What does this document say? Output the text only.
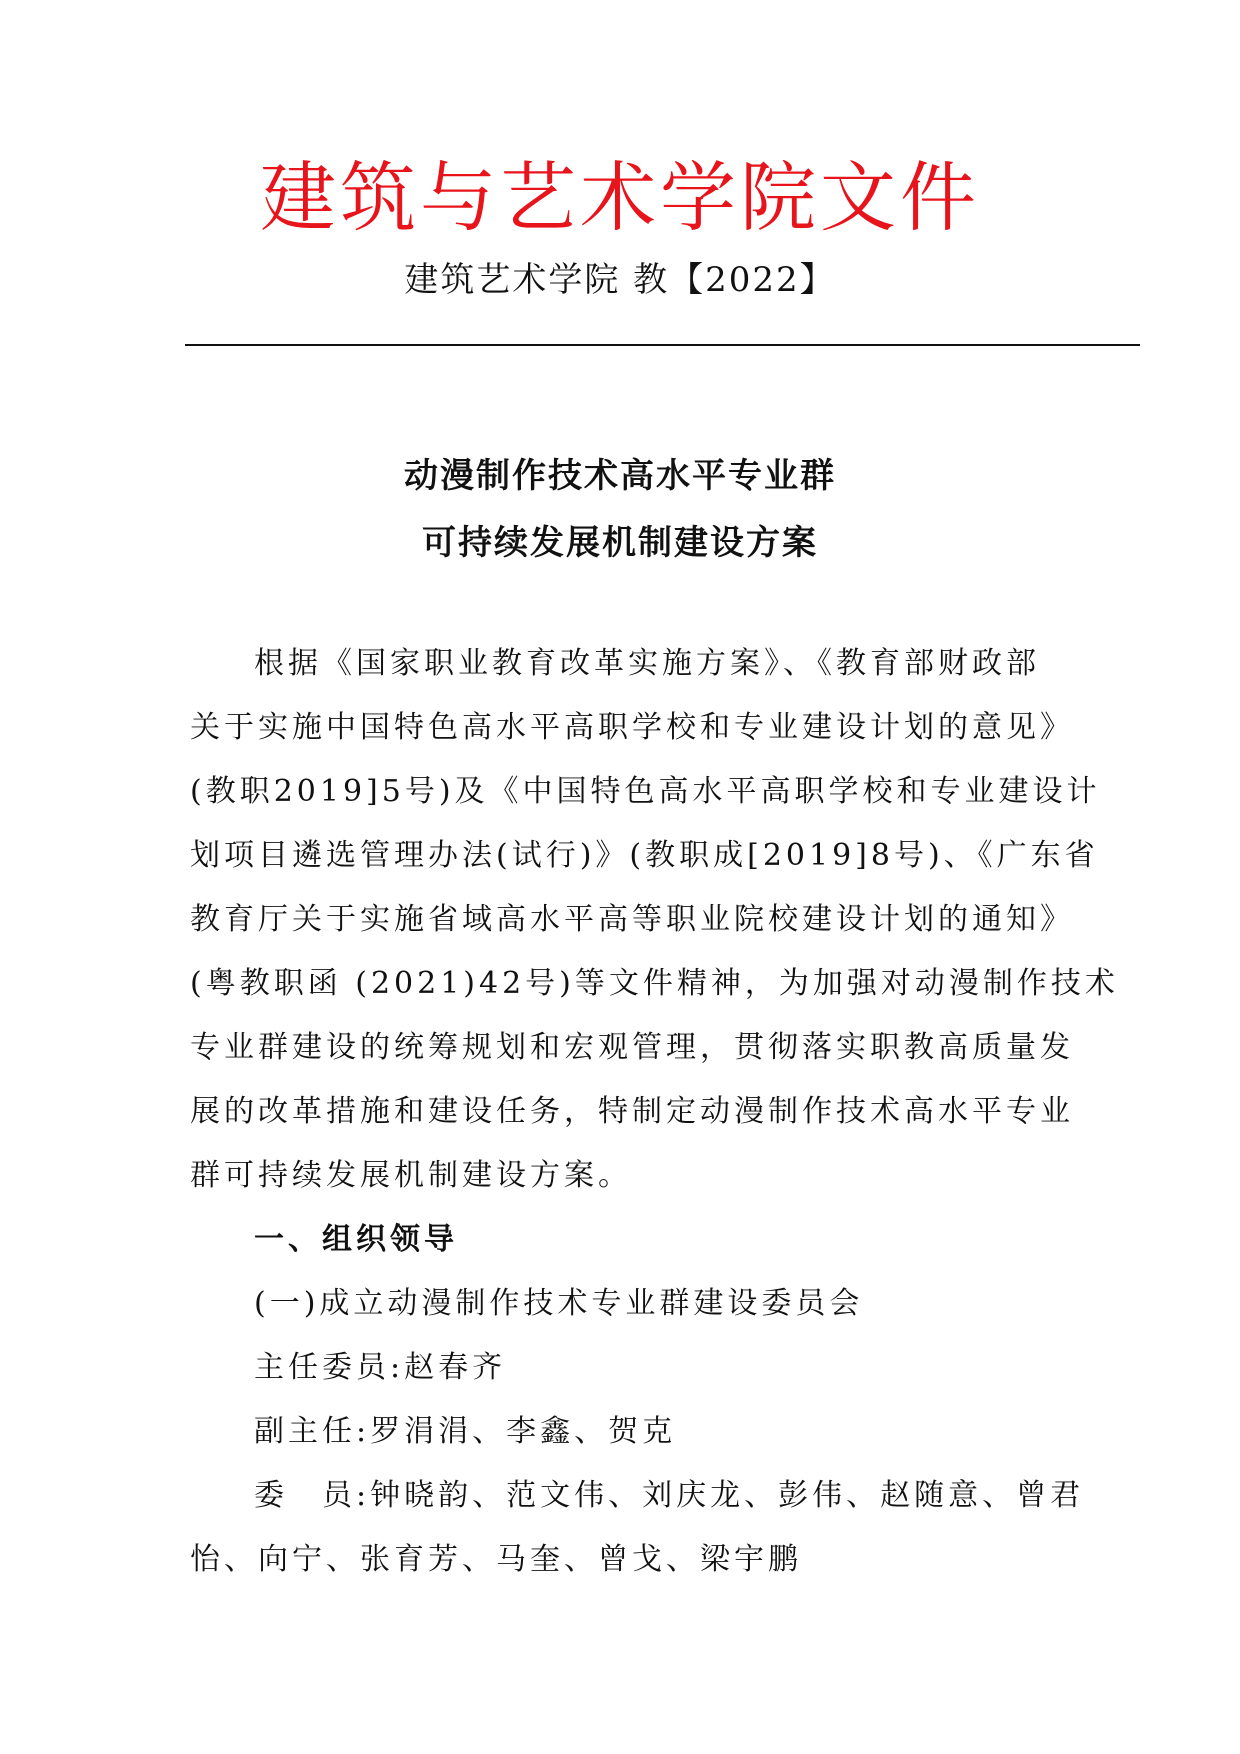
建筑与艺术学院文件
建筑艺术学院 教【2022】
动漫制作技术高水平专业群
可持续发展机制建设方案
根据《国家职业教育改革实施方案》、《教育部财政部
关于实施中国特色高水平高职学校和专业建设计划的意见》
(教职2019]5号)及《中国特色高水平高职学校和专业建设计
划项目遴选管理办法(试行)》(教职成[2019]8号)、《广东省
教育厅关于实施省域高水平高等职业院校建设计划的通知》
(粤教职函 (2021)42号)等文件精神，为加强对动漫制作技术
专业群建设的统筹规划和宏观管理，贯彻落实职教高质量发
展的改革措施和建设任务，特制定动漫制作技术高水平专业
群可持续发展机制建设方案。
一、组织领导
(一)成立动漫制作技术专业群建设委员会
主任委员:赵春齐
副主任:罗涓涓、李鑫、贺克
委　员:钟晓韵、范文伟、刘庆龙、彭伟、赵随意、曾君
怡、向宁、张育芳、马奎、曾戈、梁宇鹏
